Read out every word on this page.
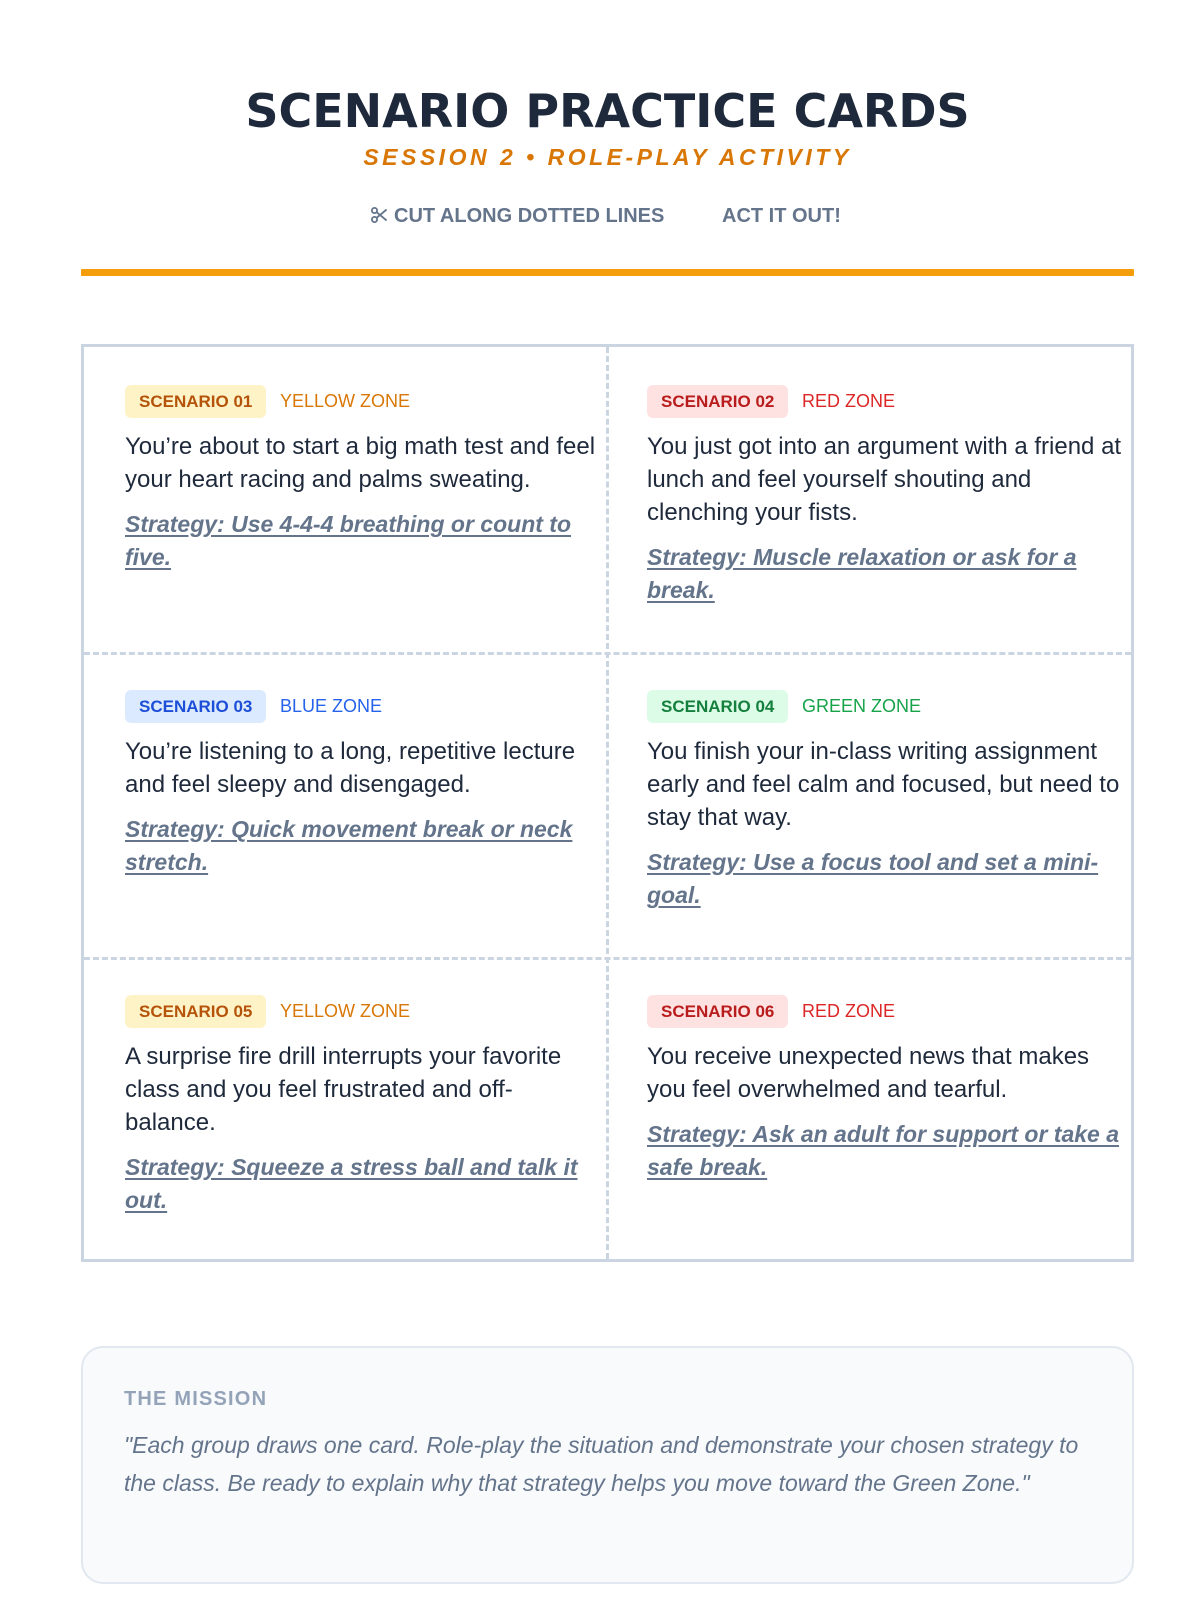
SCENARIO PRACTICE CARDS
SESSION 2 • ROLE-PLAY ACTIVITY
CUT ALONG DOTTED LINES	ACT IT OUT!
SCENARIO 01	YELLOW ZONE
You’re about to start a big math test and feel your heart racing and palms sweating.
Strategy: Use 4-4-4 breathing or count to five.
SCENARIO 02	RED ZONE
You just got into an argument with a friend at lunch and feel yourself shouting and clenching your fists.
Strategy: Muscle relaxation or ask for a break.
SCENARIO 03	BLUE ZONE
You’re listening to a long, repetitive lecture and feel sleepy and disengaged.
Strategy: Quick movement break or neck stretch.
SCENARIO 04	GREEN ZONE
You finish your in-class writing assignment early and feel calm and focused, but need to stay that way.
Strategy: Use a focus tool and set a mini-goal.
SCENARIO 05	YELLOW ZONE
A surprise fire drill interrupts your favorite class and you feel frustrated and off-balance.
Strategy: Squeeze a stress ball and talk it out.
SCENARIO 06	RED ZONE
You receive unexpected news that makes you feel overwhelmed and tearful.
Strategy: Ask an adult for support or take a safe break.
THE MISSION
"Each group draws one card. Role-play the situation and demonstrate your chosen strategy to the class. Be ready to explain why that strategy helps you move toward the Green Zone."
